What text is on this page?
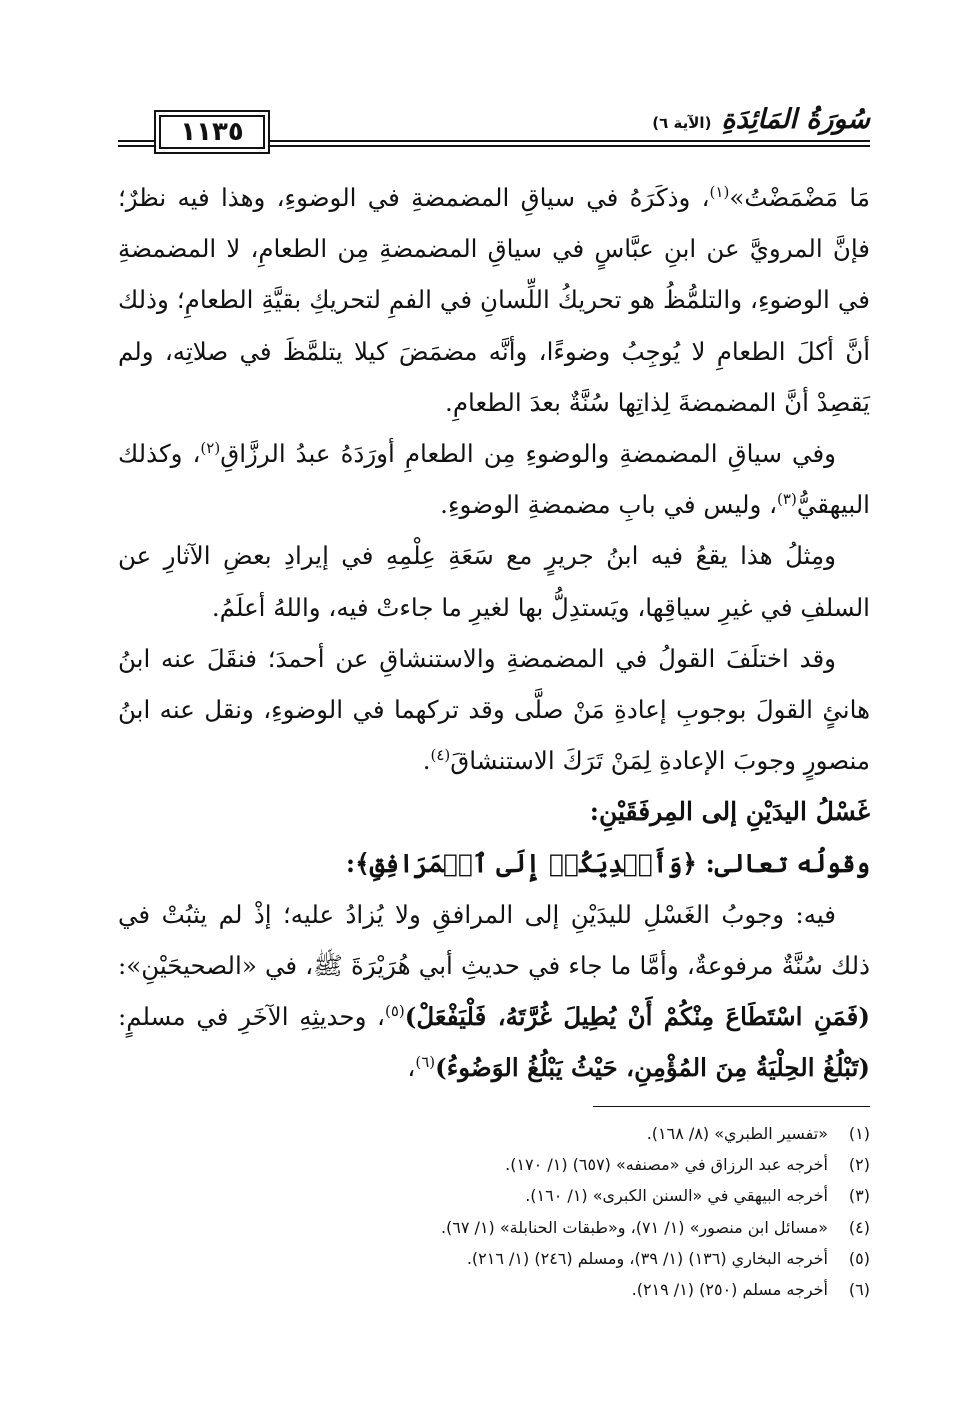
سُورَةُ المَائِدَةِ
(الآية ٦)
١١٣٥

مَا مَضْمَضْتُ»$^{(١)}$، وذكَرَهُ في سياقِ المضمضةِ في الوضوءِ، وهذا فيه نظرٌ؛ فإنَّ المرويَّ عن ابنِ عبَّاسٍ في سياقِ المضمضةِ مِن الطعامِ، لا المضمضةِ في الوضوءِ، والتلمُّظُ هو تحريكُ اللِّسانِ في الفمِ لتحريكِ بقيَّةِ الطعامِ؛ وذلك أنَّ أكلَ الطعامِ لا يُوجِبُ وضوءًا، وأنَّه مضمَضَ كيلا يتلمَّظَ في صلاتِه، ولم يَقصِدْ أنَّ المضمضةَ لِذاتِها سُنَّةٌ بعدَ الطعامِ.

وفي سياقِ المضمضةِ والوضوءِ مِن الطعامِ أورَدَهُ عبدُ الرزَّاقِ$^{(٢)}$، وكذلك البيهقيُّ$^{(٣)}$، وليس في بابِ مضمضةِ الوضوءِ.

ومِثلُ هذا يقعُ فيه ابنُ جريرٍ مع سَعَةِ عِلْمِهِ في إيرادِ بعضِ الآثارِ عن السلفِ في غيرِ سياقِها، ويَستدِلُّ بها لغيرِ ما جاءتْ فيه، واللهُ أعلَمُ.

وقد اختلَفَ القولُ في المضمضةِ والاستنشاقِ عن أحمدَ؛ فنقَلَ عنه ابنُ هانئٍ القولَ بوجوبِ إعادةِ مَنْ صلَّى وقد تركهما في الوضوءِ، ونقل عنه ابنُ منصورٍ وجوبَ الإعادةِ لِمَنْ تَرَكَ الاستنشاقَ$^{(٤)}$.

غَسْلُ اليدَيْنِ إلى المِرفَقَيْنِ:

وقولُه تعالى: ﴿وَأَيۡدِيَكُمۡ إِلَى ٱلۡمَرَافِقِ﴾:

فيه: وجوبُ الغَسْلِ لليدَيْنِ إلى المرافقِ ولا يُزادُ عليه؛ إذْ لم يثبُتْ في ذلك سُنَّةٌ مرفوعةٌ، وأمَّا ما جاء في حديثِ أبي هُرَيْرَةَ ﷺ، في «الصحيحَيْنِ»: (فَمَنِ اسْتَطَاعَ مِنْكُمْ أَنْ يُطِيلَ غُرَّتَهُ، فَلْيَفْعَلْ)$^{(٥)}$، وحديثِهِ الآخَرِ في مسلمٍ: (تَبْلُغُ الحِلْيَةُ مِنَ المُؤْمِنِ، حَيْثُ يَبْلُغُ الوَضُوءُ)$^{(٦)}$،

(١)
«تفسير الطبري» (٨/ ١٦٨).
(٢)
أخرجه عبد الرزاق في «مصنفه» (٦٥٧) (١/ ١٧٠).
(٣)
أخرجه البيهقي في «السنن الكبرى» (١/ ١٦٠).
(٤)
«مسائل ابن منصور» (١/ ٧١)، و«طبقات الحنابلة» (١/ ٦٧).
(٥)
أخرجه البخاري (١٣٦) (١/ ٣٩)، ومسلم (٢٤٦) (١/ ٢١٦).
(٦)
أخرجه مسلم (٢٥٠) (١/ ٢١٩).
